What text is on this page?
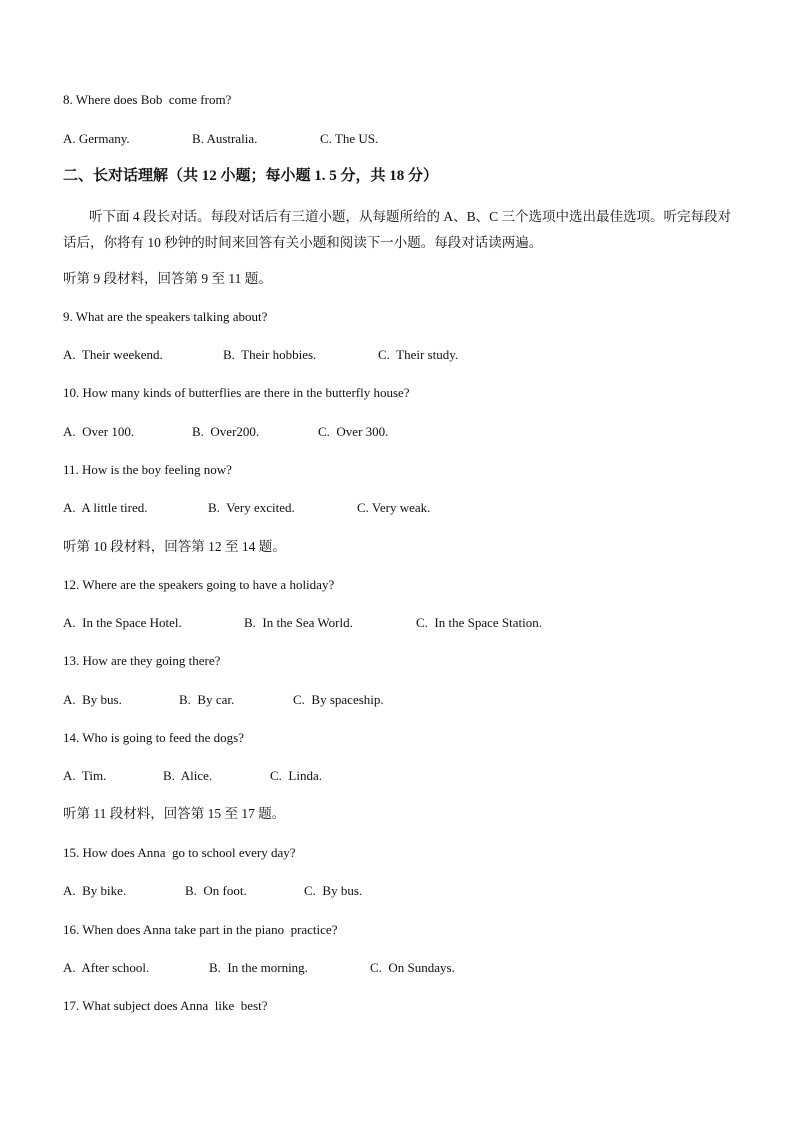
8. Where does Bob  come from?
A. Germany.	B. Australia.	C. The US.
二、长对话理解（共 12 小题；每小题 1. 5 分，共 18 分）
听下面 4 段长对话。每段对话后有三道小题，从每题所给的 A、B、C 三个选项中选出最佳选项。听完每段对话后，你将有 10 秒钟的时间来回答有关小题和阅读下一小题。每段对话读两遍。
听第 9 段材料，回答第 9 至 11 题。
9. What are the speakers talking about?
A.  Their weekend.	B.  Their hobbies.	C.  Their study.
10. How many kinds of butterflies are there in the butterfly house?
A.  Over 100.	B.  Over200.	C.  Over 300.
11. How is the boy feeling now?
A.  A little tired.	B.  Very excited.	C. Very weak.
听第 10 段材料，回答第 12 至 14 题。
12. Where are the speakers going to have a holiday?
A.  In the Space Hotel.	B.  In the Sea World.	C.  In the Space Station.
13. How are they going there?
A.  By bus.	B.  By car.	C.  By spaceship.
14. Who is going to feed the dogs?
A.  Tim.	B.  Alice.	C.  Linda.
听第 11 段材料，回答第 15 至 17 题。
15. How does Anna  go to school every day?
A.  By bike.	B.  On foot.	C.  By bus.
16. When does Anna take part in the piano  practice?
A.  After school.	B.  In the morning.	C.  On Sundays.
17. What subject does Anna  like  best?
